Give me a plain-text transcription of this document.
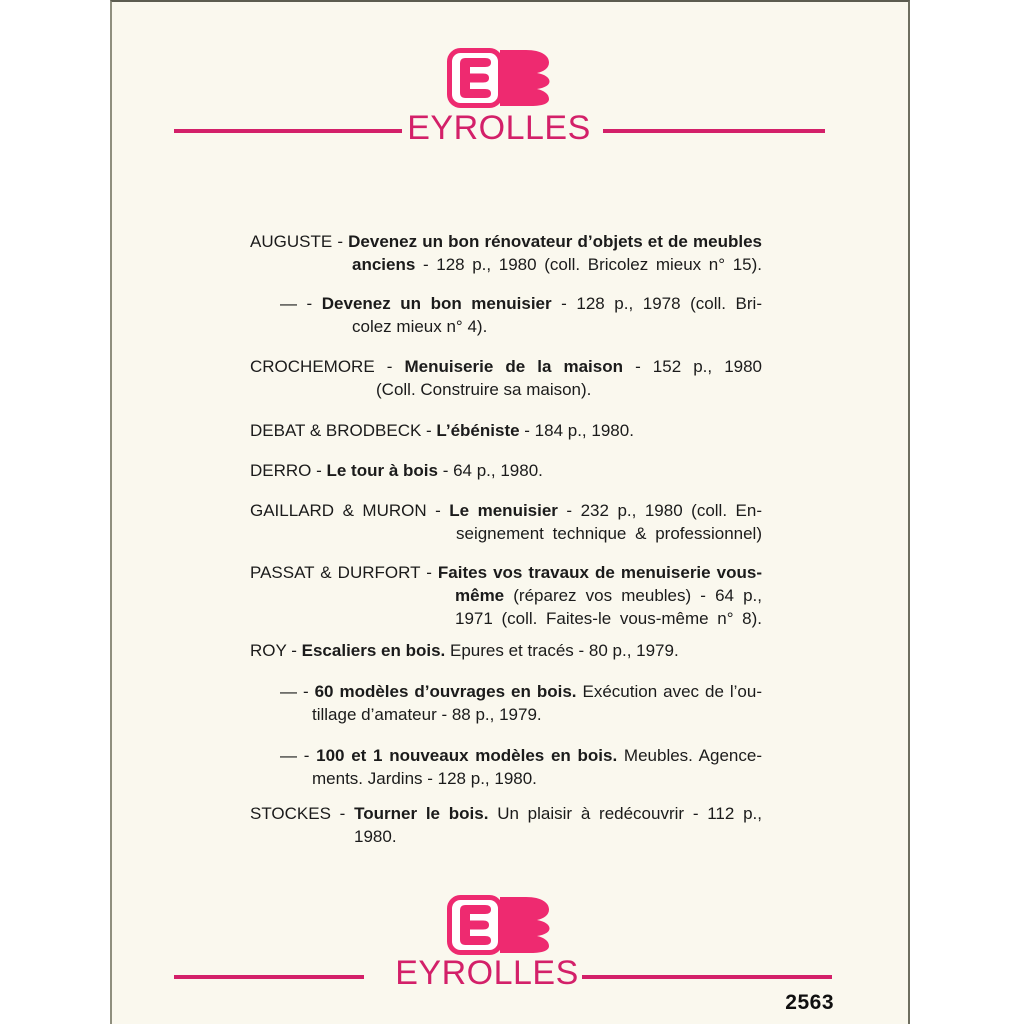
EYROLLES
AUGUSTE - Devenez un bon rénovateur d’objets et de meubles
anciens - 128 p., 1980 (coll. Bricolez mieux n° 15).
— - Devenez un bon menuisier - 128 p., 1978 (coll. Bri-
colez mieux n° 4).
CROCHEMORE - Menuiserie de la maison - 152 p., 1980
(Coll. Construire sa maison).
DEBAT & BRODBECK - L’ébéniste - 184 p., 1980.
DERRO - Le tour à bois - 64 p., 1980.
GAILLARD & MURON - Le menuisier - 232 p., 1980 (coll. En-
seignement technique & professionnel)
PASSAT & DURFORT - Faites vos travaux de menuiserie vous-
même (réparez vos meubles) - 64 p.,
1971 (coll. Faites-le vous-même n° 8).
ROY - Escaliers en bois. Epures et tracés - 80 p., 1979.
— - 60 modèles d’ouvrages en bois. Exécution avec de l’ou-
tillage d’amateur - 88 p., 1979.
— - 100 et 1 nouveaux modèles en bois. Meubles. Agence-
ments. Jardins - 128 p., 1980.
STOCKES - Tourner le bois. Un plaisir à redécouvrir - 112 p.,
1980.
EYROLLES
2563
